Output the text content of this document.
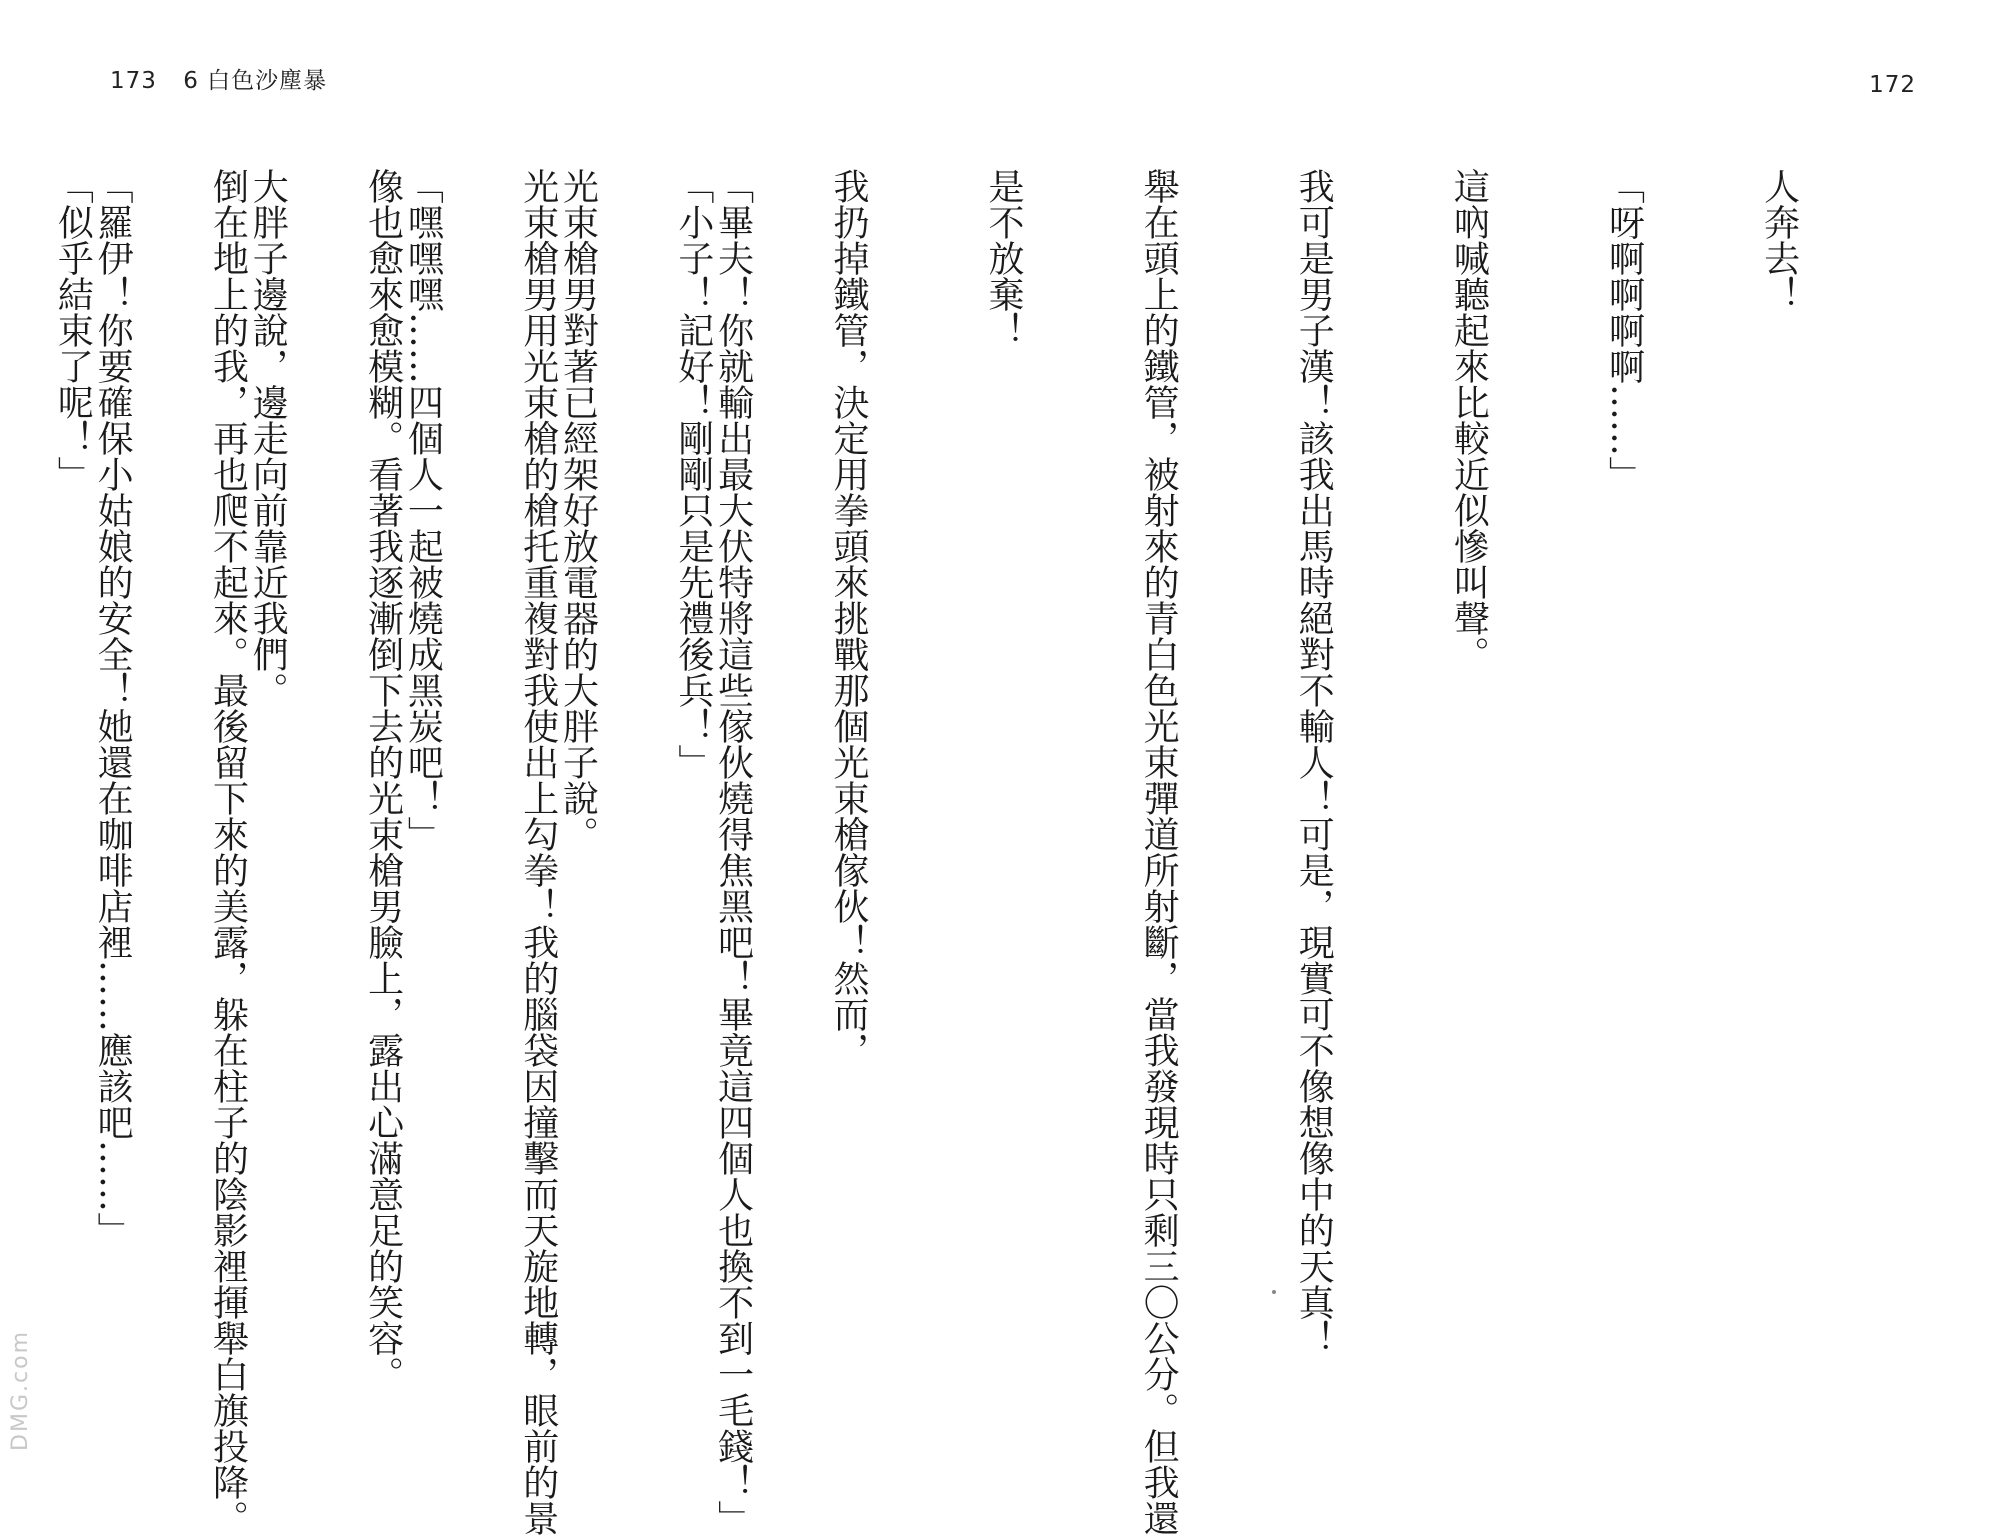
173 6 白色沙塵暴	172

人奔去！

「呀啊啊啊啊……」

這吶喊聽起來比較近似慘叫聲。

我可是男子漢！該我出馬時絕對不輸人！可是，現實可不像想像中的天真！

舉在頭上的鐵管，被射來的青白色光束彈道所射斷，當我發現時只剩三〇公分。但我還

是不放棄！

我扔掉鐵管，決定用拳頭來挑戰那個光束槍傢伙！然而，

「小子！記好！剛剛只是先禮後兵！」

光束槍男用光束槍的槍托重複對我使出上勾拳！我的腦袋因撞擊而天旋地轉，眼前的景

像也愈來愈模糊。看著我逐漸倒下去的光束槍男臉上，露出心滿意足的笑容。

倒在地上的我，再也爬不起來。最後留下來的美露，躲在柱子的陰影裡揮舉白旗投降。

「似乎結束了呢！」

	「畢夫！你就輸出最大伏特將這些傢伙燒得焦黑吧！畢竟這四個人也換不到一毛錢！」

光束槍男對著已經架好放電器的大胖子說。

「嘿嘿嘿……四個人一起被燒成黑炭吧！」

大胖子邊說，邊走向前靠近我們。

「羅伊！你要確保小姑娘的安全！她還在咖啡店裡……應該吧……」

DMG.com
